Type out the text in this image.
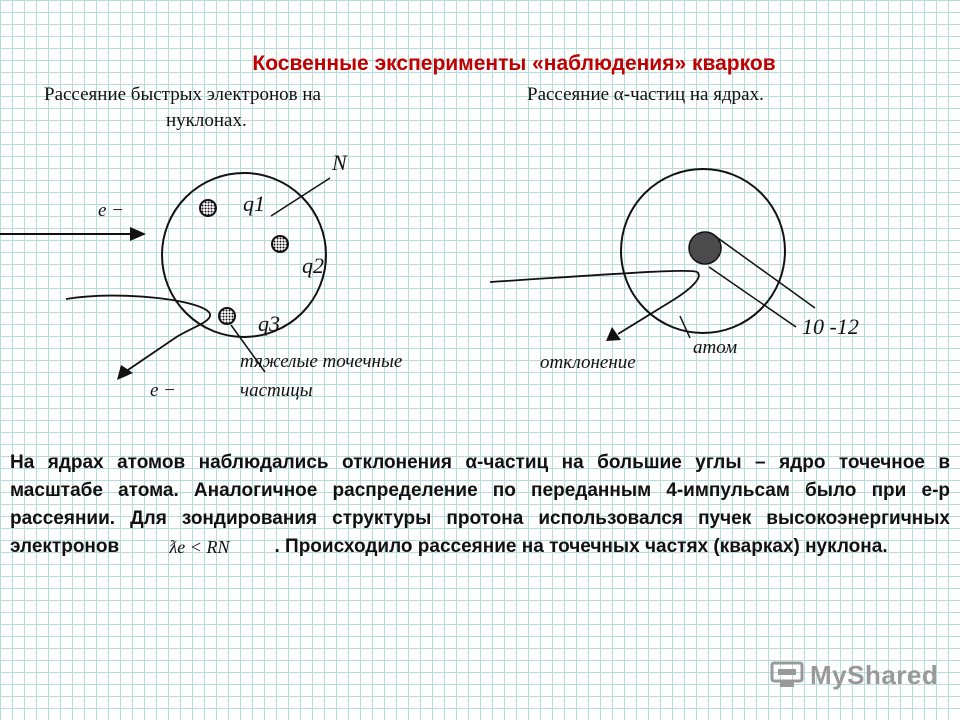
Косвенные эксперименты «наблюдения» кварков
Рассеяние быстрых электронов на
нуклонах.
Рассеяние α-частиц на ядрах.
N
e −	q1
q2
q3
тяжелые точечные
частицы
e −
10 -12
атом
отклонение

На ядрах атомов наблюдались отклонения α-частиц на большие углы – ядро точечное в масштабе атома. Аналогичное распределение по переданным 4-импульсам было при e-p рассеянии. Для зондирования структуры протона использовался пучек высокоэнергичных электронов	ƛe < RN . Происходило рассеяние на точечных частях (кварках) нуклона.

MyShared
